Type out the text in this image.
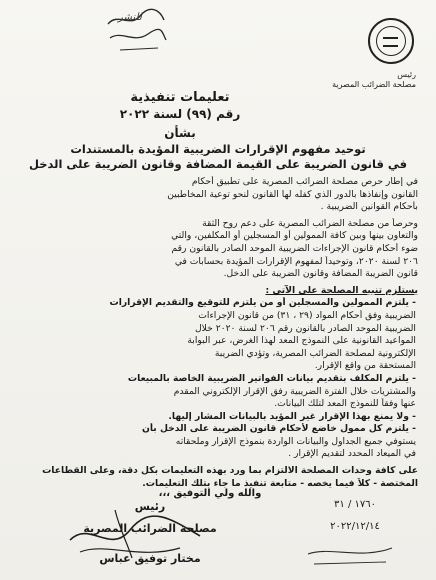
للنشر
رئيس
مصلحة الضرائب المصرية
تعليمات تنفيذية
رقم (٩٩) لسنة ٢٠٢٢
بشأن
توحيد مفهوم الإقرارات الضريبية المؤيدة بالمستندات
في قانون الضريبة على القيمة المضافة وقانون الضريبة على الدخل
في إطار حرص مصلحة الضرائب المصرية على تطبيق أحكام
القانون وإنفاذها بالدور الذي كفله لها القانون لنحو توعية المخاطبين
بأحكام القوانين الضريبية .
وحرصاً من مصلحة الضرائب المصرية على دعم روح الثقة
والتعاون بينها وبين كافة الممولين أو المسجلين أو المكلفين، والتي
ضوء أحكام قانون الإجراءات الضريبية الموحد الصادر بالقانون رقم
٢٠٦ لسنة ٢٠٢٠، وتوحيداً لمفهوم الإقرارات المؤيدة بحسابات في
قانون الضريبة المضافة وقانون الضريبة على الدخل.
يستلزم تنبيه المصلحة على الآتي :
- يلتزم الممولين والمسجلين أو من يلتزم للتوقيع والتقديم الإقرارات
الضريبية وفق أحكام المواد (٢٩ ، ٣١) من قانون الإجراءات
الضريبية الموحد الصادر بالقانون رقم ٢٠٦ لسنة ٢٠٢٠ خلال
المواعيد القانونية على النموذج المعد لهذا الغرض، عبر البوابة
الإلكترونية لمصلحة الضرائب المصرية، وتؤدي الضريبة
المستحقة من واقع الإقرار.
- يلتزم المكلف بتقديم بيانات الفواتير الضريبية الخاصة بالمبيعات
والمشتريات خلال الفترة الضريبية رفق الإقرار الإلكتروني المقدم
عنها وفقاً للنموذج المعد لتلك البيانات.
- ولا يمنع بهذا الإقرار غير المؤيد بالبيانات المشار إليها.
- يلتزم كل ممول خاضع لأحكام قانون الضريبة على الدخل بأن
يستوفي جميع الجداول والبيانات الواردة بنموذج الإقرار وملحقاته
في الميعاد المحدد لتقديم الإقرار .
على كافة وحدات المصلحة الالتزام بما ورد بهذه التعليمات بكل دقة، وعلى القطاعات
المختصة - كلاً فيما يخصه - متابعة تنفيذ ما جاء بتلك التعليمات.
والله ولي التوفيق ،،،
رئيس
مصلحة الضرائب المصرية
مختار توفيق عباس
١٧٦٠ / ٣١
٢٠٢٢/١٢/١٤
